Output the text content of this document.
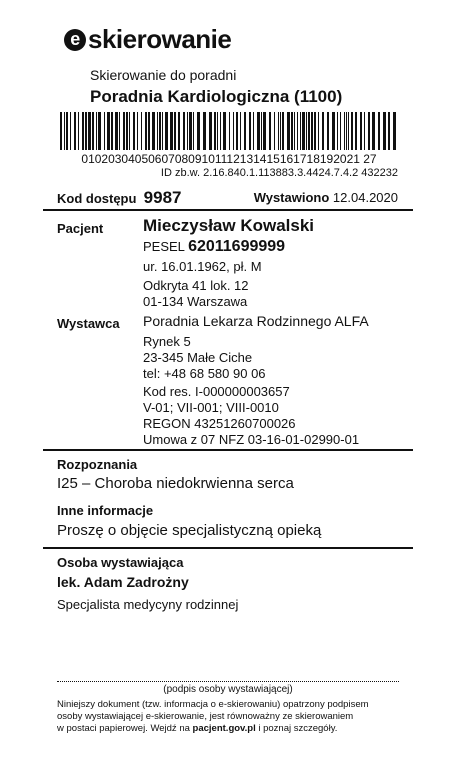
e skierowanie
Skierowanie do poradni
Poradnia Kardiologiczna (1100)
010203040506070809101112131415161718192021 27
ID zb.w. 2.16.840.1.113883.3.4424.7.4.2 432232
Kod dostępu 9987	Wystawiono 12.04.2020
Pacjent Mieczysław Kowalski
PESEL 62011699999
ur. 16.01.1962, pł. M
Odkryta 41 lok. 12
01-134 Warszawa
Wystawca Poradnia Lekarza Rodzinnego ALFA
Rynek 5
23-345 Małe Ciche
tel: +48 68 580 90 06
Kod res. I-000000003657
V-01; VII-001; VIII-0010
REGON 43251260700026
Umowa z 07 NFZ 03-16-01-02990-01
Rozpoznania
I25 – Choroba niedokrwienna serca
Inne informacje
Proszę o objęcie specjalistyczną opieką
Osoba wystawiająca
lek. Adam Zadrożny
Specjalista medycyny rodzinnej
(podpis osoby wystawiającej)
Niniejszy dokument (tzw. informacja o e-skierowaniu) opatrzony podpisem
osoby wystawiającej e-skierowanie, jest równoważny ze skierowaniem
w postaci papierowej. Wejdź na pacjent.gov.pl i poznaj szczegóły.
